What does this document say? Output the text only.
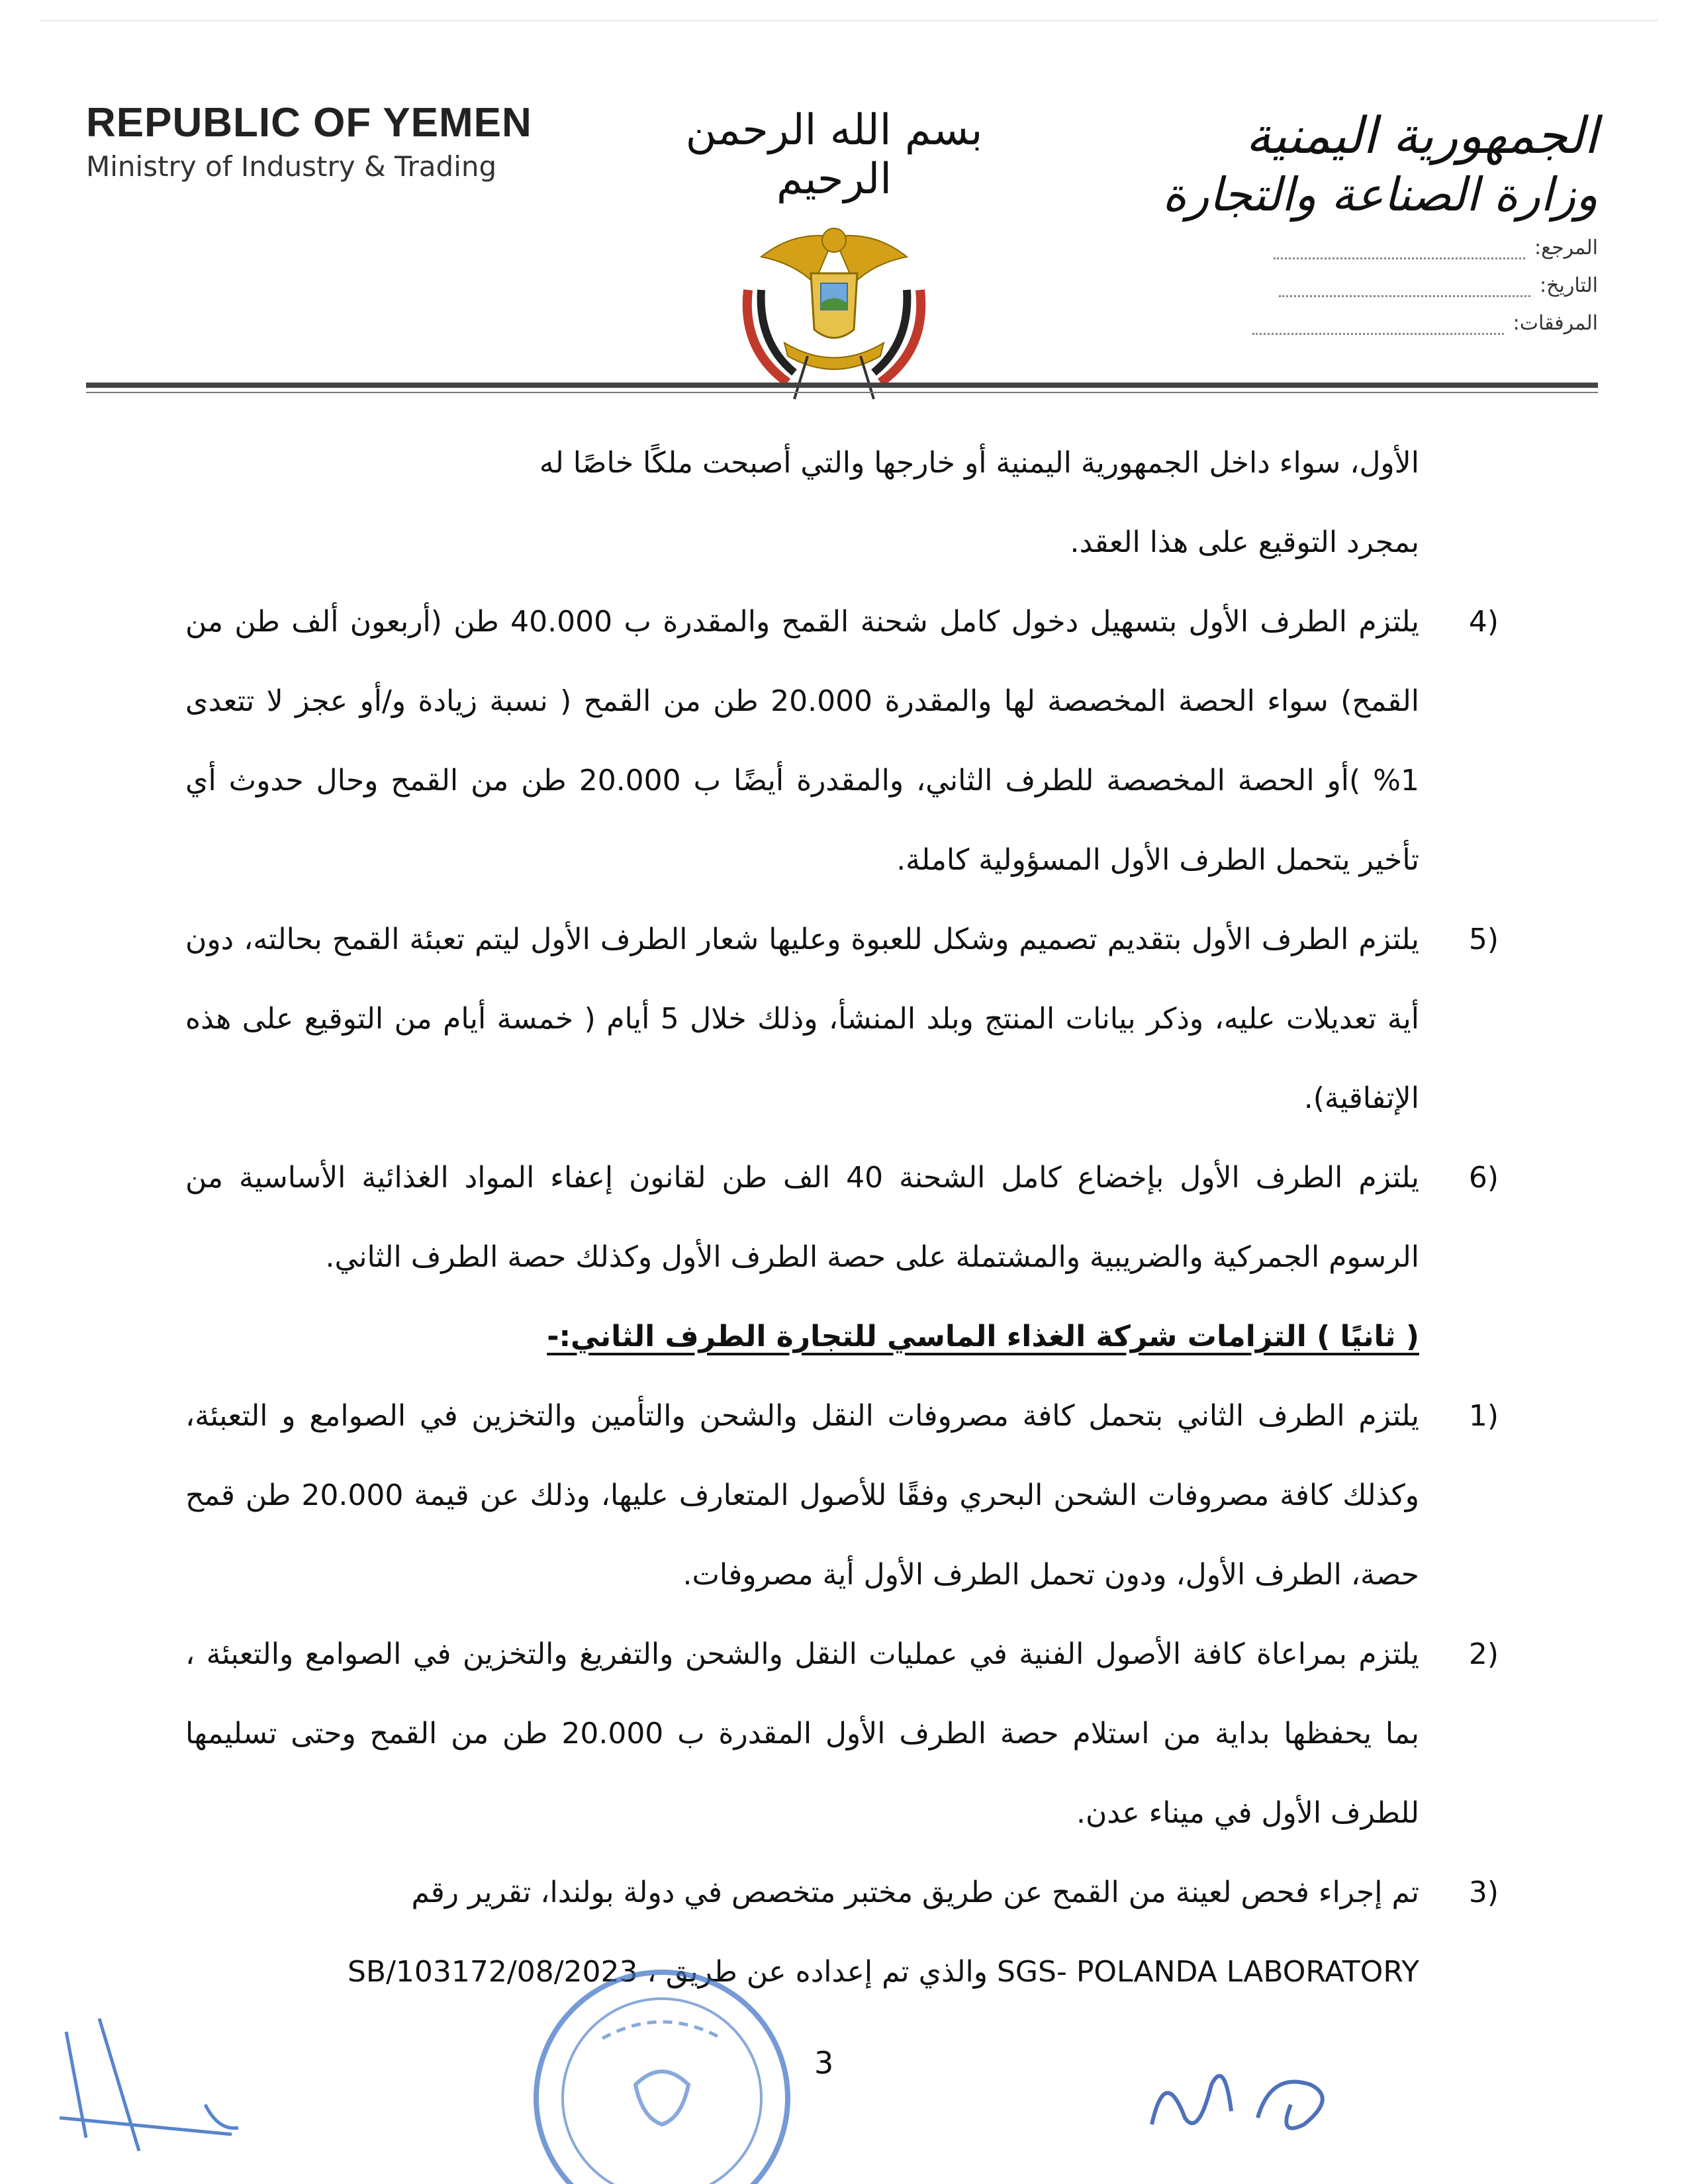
REPUBLIC OF YEMEN
Ministry of Industry & Trading
بسم الله الرحمن الرحيم
الجمهورية اليمنية
وزارة الصناعة والتجارة
المرجع:
التاريخ:
المرفقات:

الأول، سواء داخل الجمهورية اليمنية أو خارجها والتي أصبحت ملكًا خاصًا له

بمجرد التوقيع على هذا العقد.

4)
يلتزم الطرف الأول بتسهيل دخول كامل شحنة القمح والمقدرة ب 40.000 طن (أربعون ألف طن من القمح) سواء الحصة المخصصة لها والمقدرة 20.000 طن من القمح ( نسبة زيادة و/أو عجز لا تتعدى 1% )أو الحصة المخصصة للطرف الثاني، والمقدرة أيضًا ب 20.000 طن من القمح وحال حدوث أي تأخير يتحمل الطرف الأول المسؤولية كاملة.
5)
يلتزم الطرف الأول بتقديم تصميم وشكل للعبوة وعليها شعار الطرف الأول ليتم تعبئة القمح بحالته، دون أية تعديلات عليه، وذكر بيانات المنتج وبلد المنشأ، وذلك خلال 5 أيام ( خمسة أيام من التوقيع على هذه الإتفاقية).
6)
يلتزم الطرف الأول بإخضاع كامل الشحنة 40 الف طن لقانون إعفاء المواد الغذائية الأساسية من الرسوم الجمركية والضريبية والمشتملة على حصة الطرف الأول وكذلك حصة الطرف الثاني.

( ثانيًا ) التزامات شركة الغذاء الماسي للتجارة الطرف الثاني:-

1)
يلتزم الطرف الثاني بتحمل كافة مصروفات النقل والشحن والتأمين والتخزين في الصوامع و التعبئة، وكذلك كافة مصروفات الشحن البحري وفقًا للأصول المتعارف عليها، وذلك عن قيمة 20.000 طن قمح حصة، الطرف الأول، ودون تحمل الطرف الأول أية مصروفات.
2)
يلتزم بمراعاة كافة الأصول الفنية في عمليات النقل والشحن والتفريغ والتخزين في الصوامع والتعبئة ، بما يحفظها بداية من استلام حصة الطرف الأول المقدرة ب 20.000 طن من القمح وحتى تسليمها للطرف الأول في ميناء عدن.
3)
تم إجراء فحص لعينة من القمح عن طريق مختبر متخصص في دولة بولندا، تقرير رقم

SGS- POLANDA LABORATORY والذي تم إعداده عن طريق ، SB/103172/08/2023

3
